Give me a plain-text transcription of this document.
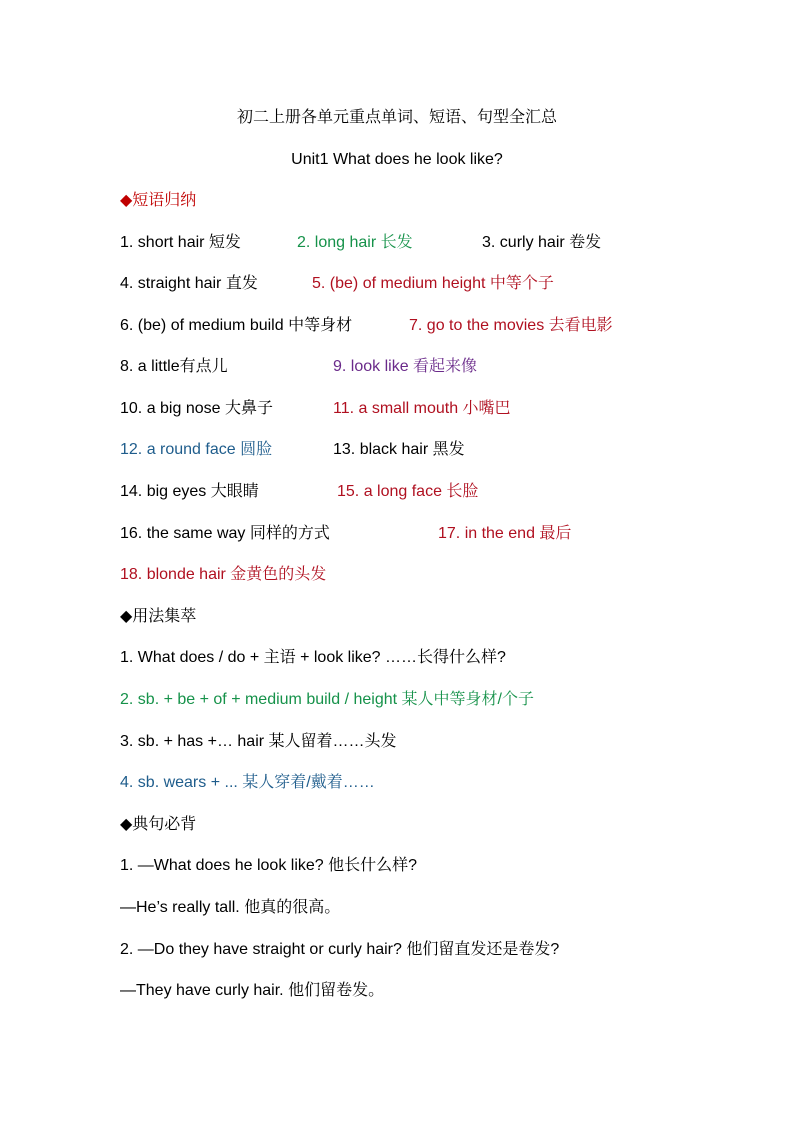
初二上册各单元重点单词、短语、句型全汇总
Unit1 What does he look like?
◆短语归纳
1. short hair 短发	2. long hair 长发	3. curly hair 卷发
4. straight hair 直发	5. (be) of medium height 中等个子
6. (be) of medium build 中等身材	7. go to the movies 去看电影
8. a little有点儿	9. look like 看起来像
10. a big nose 大鼻子	11. a small mouth 小嘴巴
12. a round face 圆脸	13. black hair 黑发
14. big eyes 大眼睛	15. a long face 长脸
16. the same way 同样的方式	17. in the end 最后
18. blonde hair 金黄色的头发
◆用法集萃
1. What does / do + 主语 + look like? ……长得什么样?
2. sb. + be + of + medium build / height 某人中等身材/个子
3. sb. + has +… hair 某人留着……头发
4. sb. wears + ... 某人穿着/戴着……
◆典句必背
1. —What does he look like? 他长什么样?
—He’s really tall. 他真的很高。
2. —Do they have straight or curly hair? 他们留直发还是卷发?
—They have curly hair. 他们留卷发。
